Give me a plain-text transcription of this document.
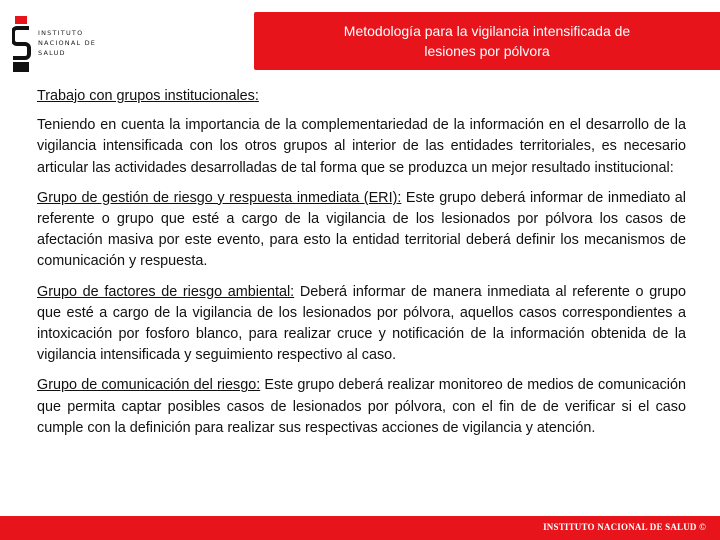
INSTITUTO
NACIONAL DE
SALUD
Metodología para la vigilancia intensificada de
lesiones por pólvora

Trabajo con grupos institucionales:

Teniendo en cuenta la importancia de la complementariedad de la información en el desarrollo de la vigilancia intensificada con los otros grupos al interior de las entidades territoriales, es necesario articular las actividades desarrolladas de tal forma que se produzca un mejor resultado institucional:

Grupo de gestión de riesgo y respuesta inmediata (ERI): Este grupo deberá informar de inmediato al referente o grupo que esté a cargo de la vigilancia de los lesionados por pólvora los casos de afectación masiva por este evento, para esto la entidad territorial deberá definir los mecanismos de comunicación y respuesta.

Grupo de factores de riesgo ambiental: Deberá informar de manera inmediata al referente o grupo que esté a cargo de la vigilancia de los lesionados por pólvora, aquellos casos correspondientes a intoxicación por fosforo blanco, para realizar cruce y notificación de la información obtenida de la vigilancia intensificada y seguimiento respectivo al caso.

Grupo de comunicación del riesgo: Este grupo deberá realizar monitoreo de medios de comunicación que permita captar posibles casos de lesionados por pólvora, con el fin de de verificar si el caso cumple con la definición para realizar sus respectivas acciones de vigilancia y atención.

INSTITUTO NACIONAL DE SALUD ©
